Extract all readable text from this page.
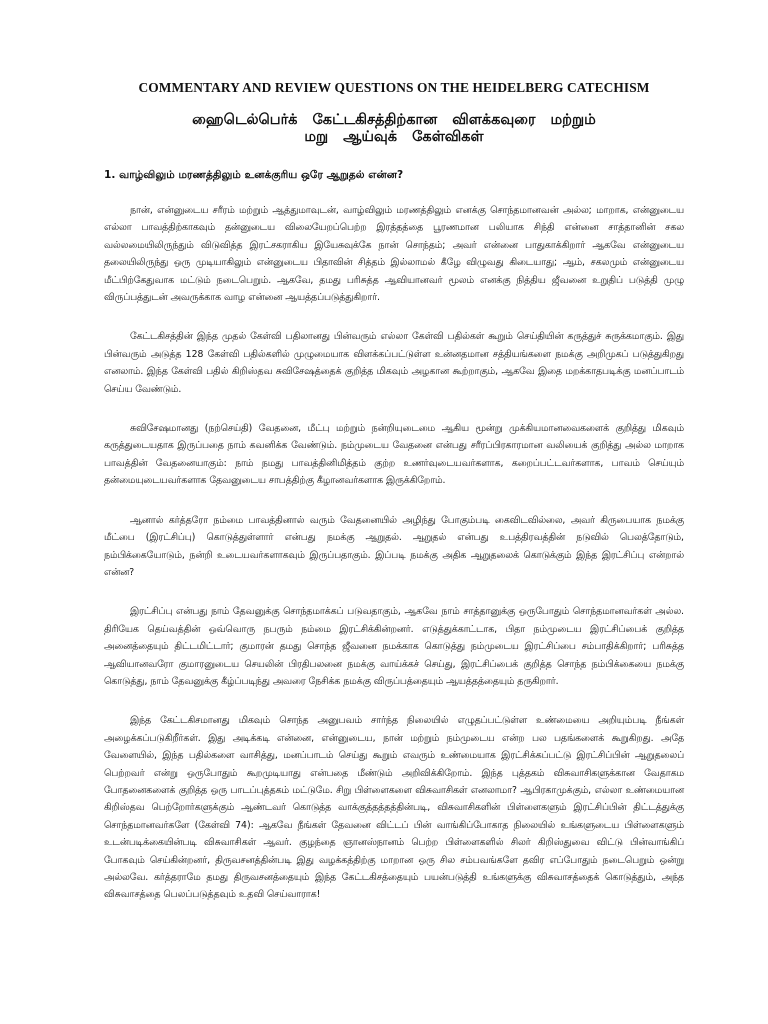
COMMENTARY AND REVIEW QUESTIONS ON THE HEIDELBERG CATECHISM
ஹைடெல்பெர்க் கேட்டகிசத்திற்கான விளக்கவுரை மற்றும்
மறு ஆய்வுக் கேள்விகள்
1. வாழ்விலும் மரணத்திலும் உனக்குரிய ஒரே ஆறுதல் என்ன?

நான், என்னுடைய சரீரம் மற்றும் ஆத்துமாவுடன், வாழ்விலும் மரணத்திலும் எனக்கு சொந்தமானவன் அல்ல; மாறாக, என்னுடைய எல்லா பாவத்திற்காகவும் தன்னுடைய விலையேறப்பெற்ற இரத்தத்தை பூரணமான பலியாக சிந்தி என்னை சாத்தானின் சகல வல்லமையிலிருந்தும் விடுவித்த இரட்சகராகிய இயேசுவுக்கே நான் சொந்தம்; அவர் என்னை பாதுகாக்கிறார் ஆகவே என்னுடைய தலையிலிருந்து ஒரு முடியாகிலும் என்னுடைய பிதாவின் சித்தம் இல்லாமல் கீழே விழுவது கிடையாது; ஆம், சகலமும் என்னுடைய மீட்பிற்கேதுவாக மட்டும் நடைபெறும். ஆகவே, தமது பரிசுத்த ஆவியானவர் மூலம் எனக்கு நித்திய ஜீவனை உறுதிப் படுத்தி முழு விருப்பத்துடன் அவருக்காக வாழ என்னை ஆயத்தப்படுத்துகிறார்.

கேட்டகிசத்தின் இந்த முதல் கேள்வி பதிலானது பின்வரும் எல்லா கேள்வி பதில்கள் கூறும் செய்தியின் கருத்துச் சுருக்கமாகும். இது பின்வரும் அடுத்த 128 கேள்வி பதில்களில் முழுமையாக விளக்கப்பட்டுள்ள உன்னதமான சத்தியங்களை நமக்கு அறிமுகப் படுத்துகிறது எனலாம். இந்த கேள்வி பதில் கிறிஸ்தவ சுவிசேஷத்தைக் குறித்த மிகவும் அழகான கூற்றாகும், ஆகவே இதை மறக்காதபடிக்கு மனப்பாடம் செய்ய வேண்டும்.

சுவிசேஷமானது (நற்செய்தி) வேதனை, மீட்பு மற்றும் நன்றியுடைமை ஆகிய மூன்று முக்கியமானவைகளைக் குறித்து மிகவும் கருத்துடையதாக இருப்பதை நாம் கவனிக்க வேண்டும். நம்முடைய வேதனை என்பது சரீரப்பிரகாரமான வலியைக் குறித்து அல்ல மாறாக பாவத்தின் வேதனையாகும்: நாம் நமது பாவத்தினிமித்தம் குற்ற உணர்வுடையவர்களாக, கறைப்பட்டவர்களாக, பாவம் செய்யும் தன்மையுடையவர்களாக தேவனுடைய சாபத்திற்கு கீழானவர்களாக இருக்கிறோம்.

ஆனால் கர்த்தரோ நம்மை பாவத்தினால் வரும் வேதனையில் அழிந்து போகும்படி கைவிடவில்லை, அவர் கிருபையாக நமக்கு மீட்பை (இரட்சிப்பு) கொடுத்துள்ளார் என்பது நமக்கு ஆறுதல். ஆறுதல் என்பது உபத்திரவத்தின் நடுவில் பெலத்தோடும், நம்பிக்கையோடும், நன்றி உடையவர்களாகவும் இருப்பதாகும். இப்படி நமக்கு அதிக ஆறுதலைக் கொடுக்கும் இந்த இரட்சிப்பு என்றால் என்ன?

இரட்சிப்பு என்பது நாம் தேவனுக்கு சொந்தமாக்கப் படுவதாகும், ஆகவே நாம் சாத்தானுக்கு ஒருபோதும் சொந்தமானவர்கள் அல்ல. திரியேக தெய்வத்தின் ஒவ்வொரு நபரும் நம்மை இரட்சிக்கின்றனர். எடுத்துக்காட்டாக, பிதா நம்முடைய இரட்சிப்பைக் குறித்த அனைத்தையும் திட்டமிட்டார்; குமாரன் தமது சொந்த ஜீவனை நமக்காக கொடுத்து நம்முடைய இரட்சிப்பை சம்பாதிக்கிறார்; பரிசுத்த ஆவியானவரோ குமாரனுடைய செயலின் பிரதிபலனை நமக்கு வாய்க்கச் செய்து, இரட்சிப்பைக் குறித்த சொந்த நம்பிக்கையை நமக்கு கொடுத்து, நாம் தேவனுக்கு கீழ்ப்படிந்து அவரை நேசிக்க நமக்கு விருப்பத்தையும் ஆயத்தத்தையும் தருகிறார்.

இந்த கேட்டகிசமானது மிகவும் சொந்த அனுபவம் சார்ந்த நிலையில் எழுதப்பட்டுள்ள உண்மையை அறியும்படி நீங்கள் அழைக்கப்படுகிறீர்கள். இது அடிக்கடி என்னை, என்னுடைய, நான் மற்றும் நம்முடைய என்ற பல பதங்களைக் கூறுகிறது. அதே வேளையில், இந்த பதில்களை வாசித்து, மனப்பாடம் செய்து கூறும் எவரும் உண்மையாக இரட்சிக்கப்பட்டு இரட்சிப்பின் ஆறுதலைப் பெற்றவர் என்று ஒருபோதும் கூறமுடியாது என்பதை மீண்டும் அறிவிக்கிறோம். இந்த புத்தகம் விசுவாசிகளுக்கான வேதாகம போதனைகளைக் குறித்த ஒரு பாடப்புத்தகம் மட்டுமே. சிறு பிள்ளைகளை விசுவாசிகள் எனலாமா? ஆபிரகாமுக்கும், எல்லா உண்மையான கிறிஸ்தவ பெற்றோர்களுக்கும் ஆண்டவர் கொடுத்த வாக்குத்தத்தத்தின்படி, விசுவாசிகளின் பிள்ளைகளும் இரட்சிப்பின் திட்டத்துக்கு சொந்தமானவர்களே (கேள்வி 74): ஆகவே நீங்கள் தேவனை விட்டப் பின் வாங்கிப்போகாத நிலையில் உங்களுடைய பிள்ளைகளும் உடன்படிக்கையின்படி விசுவாசிகள் ஆவர். குழந்தை ஞானஸ்நானம் பெற்ற பிள்ளைகளில் சிலர் கிறிஸ்துவை விட்டு பின்வாங்கிப் போகவும் செய்கின்றனர், திருவசனத்தின்படி இது வழக்கத்திற்கு மாறான ஒரு சில சம்பவங்களே தவிர எப்போதும் நடைபெறும் ஒன்று அல்லவே. கர்த்தராமே தமது திருவசனத்தையும் இந்த கேட்டகிசத்தையும் பயன்படுத்தி உங்களுக்கு விசுவாசத்தைக் கொடுத்தும், அந்த விசுவாசத்தை பெலப்படுத்தவும் உதவி செய்வாராக!
